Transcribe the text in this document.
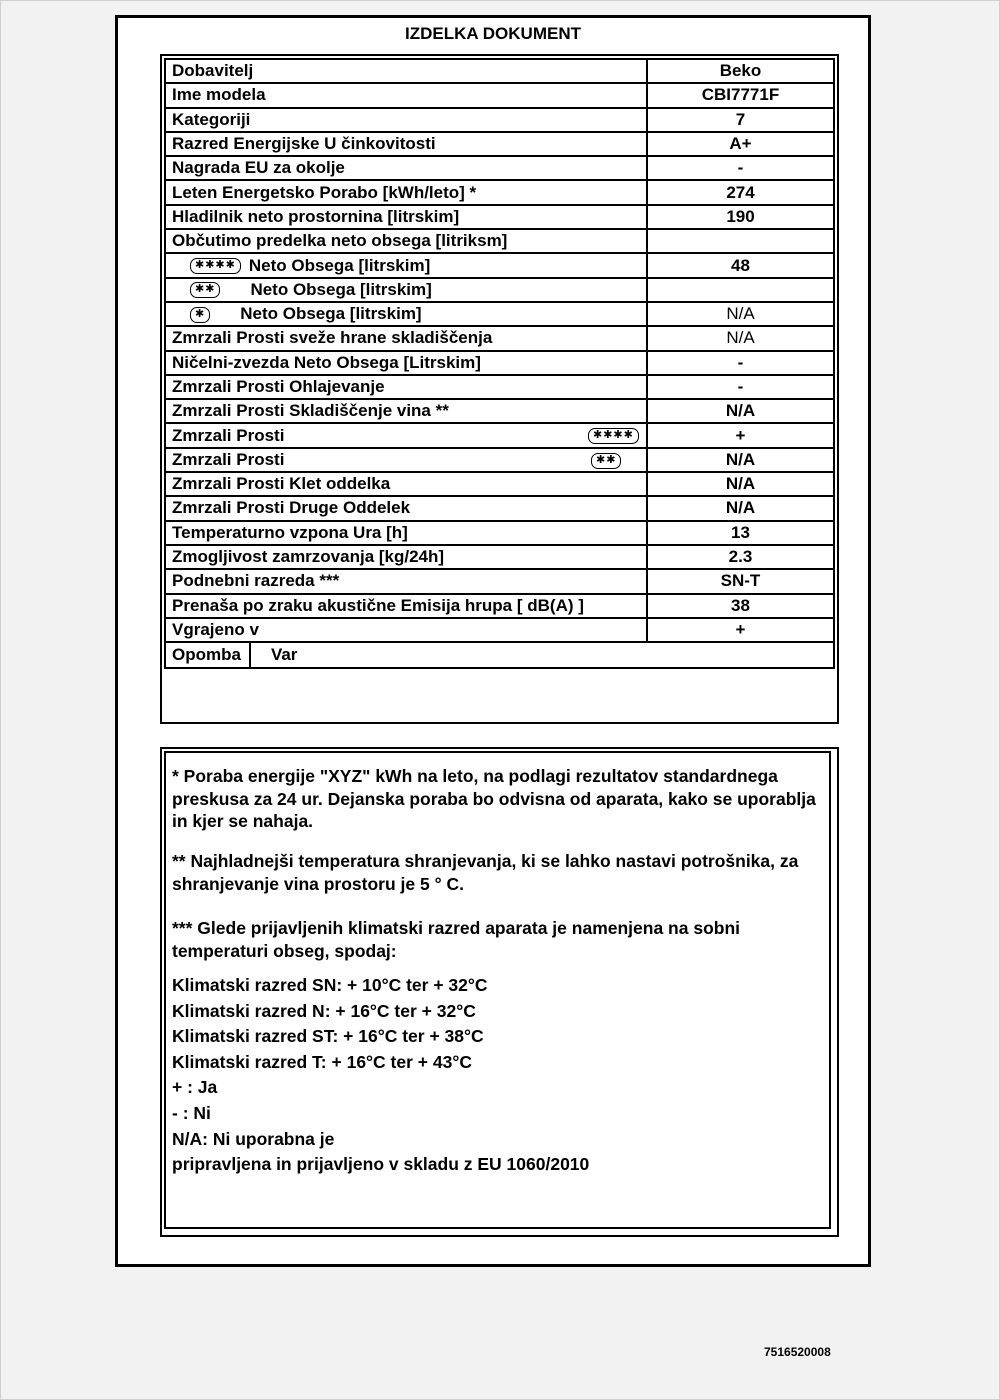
IZDELKA DOKUMENT
Dobavitelj	Beko
Ime modela	CBI7771F
Kategoriji	7
Razred Energijske U činkovitosti	A+
Nagrada EU za okolje	-
Leten Energetsko Porabo [kWh/leto] *	274
Hladilnik neto prostornina [litrskim]	190
Občutimo predelka neto obsega [litriksm]	
✱✱✱✱ Neto Obsega [litrskim]	48
✱✱ Neto Obsega [litrskim]	
✱ Neto Obsega [litrskim]	N/A
Zmrzali Prosti sveže hrane skladiščenja	N/A
Ničelni-zvezda Neto Obsega [Litrskim]	-
Zmrzali Prosti Ohlajevanje	-
Zmrzali Prosti Skladiščenje vina **	N/A
Zmrzali Prosti ✱✱✱✱	+
Zmrzali Prosti ✱✱	N/A
Zmrzali Prosti Klet oddelka	N/A
Zmrzali Prosti Druge Oddelek	N/A
Temperaturno vzpona Ura [h]	13
Zmogljivost zamrzovanja [kg/24h]	2.3
Podnebni razreda ***	SN-T
Prenaša po zraku akustične Emisija hrupa [ dB(A) ]	38
Vgrajeno v	+
Opomba Var	

* Poraba energije "XYZ" kWh na leto, na podlagi rezultatov standardnega preskusa za 24 ur. Dejanska poraba bo odvisna od aparata, kako se uporablja in kjer se nahaja.

** Najhladnejši temperatura shranjevanja, ki se lahko nastavi potrošnika, za shranjevanje vina prostoru je 5 ° C.

*** Glede prijavljenih klimatski razred aparata je namenjena na sobni temperaturi obseg, spodaj:

Klimatski razred SN: + 10°C ter + 32°C

Klimatski razred N: + 16°C ter + 32°C

Klimatski razred ST: + 16°C ter + 38°C

Klimatski razred T: + 16°C ter + 43°C

+ : Ja

- : Ni

N/A: Ni uporabna je

pripravljena in prijavljeno v skladu z EU 1060/2010

7516520008
